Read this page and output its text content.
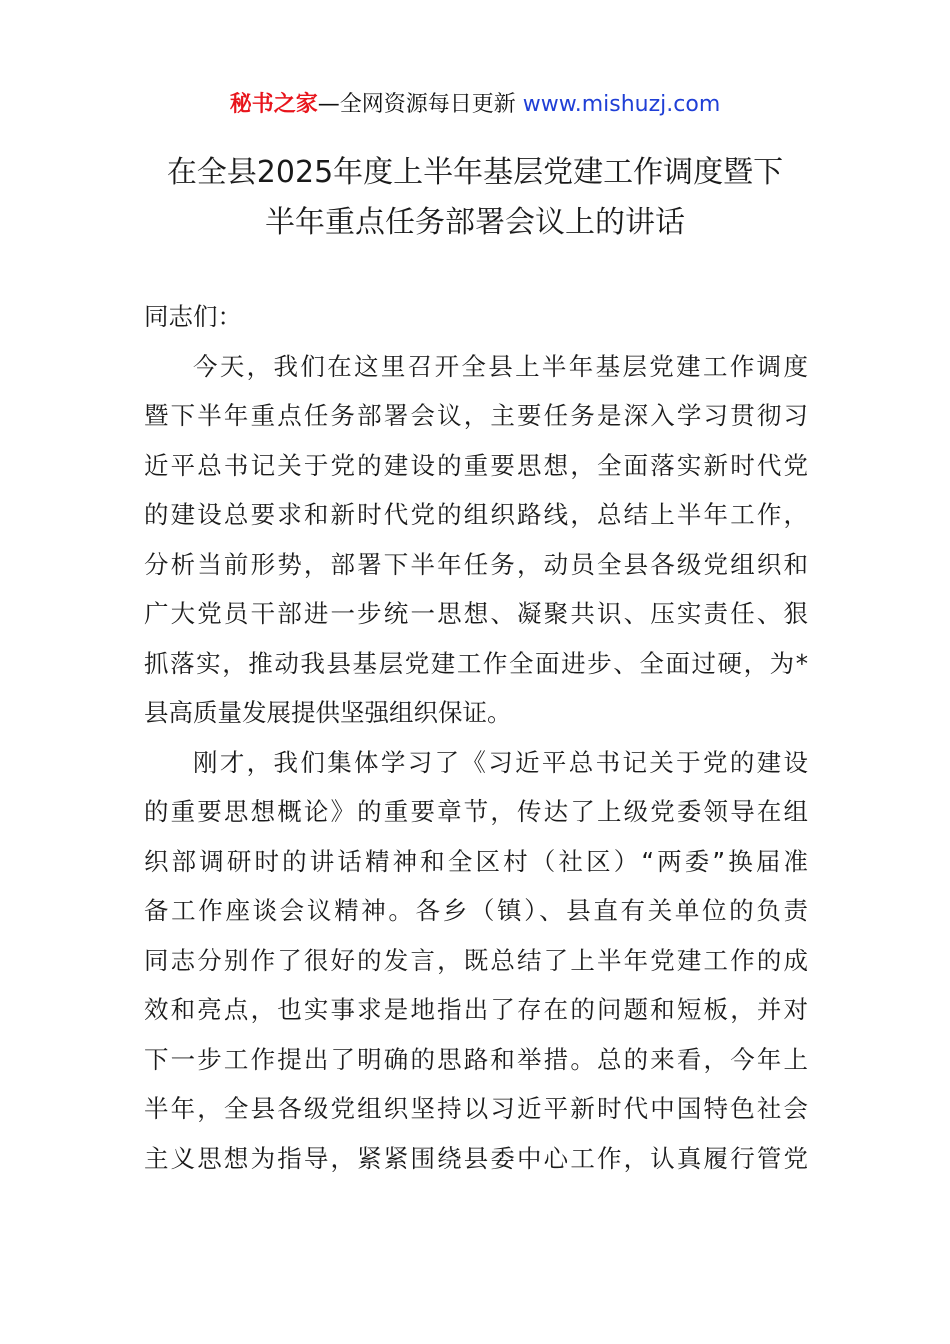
秘书之家—全网资源每日更新 www.mishuzj.com
在全县2025年度上半年基层党建工作调度暨下
半年重点任务部署会议上的讲话
同志们：
今天，我们在这里召开全县上半年基层党建工作调度
暨下半年重点任务部署会议，主要任务是深入学习贯彻习
近平总书记关于党的建设的重要思想，全面落实新时代党
的建设总要求和新时代党的组织路线，总结上半年工作，
分析当前形势，部署下半年任务，动员全县各级党组织和
广大党员干部进一步统一思想、凝聚共识、压实责任、狠
抓落实，推动我县基层党建工作全面进步、全面过硬，为*
县高质量发展提供坚强组织保证。
刚才，我们集体学习了《习近平总书记关于党的建设
的重要思想概论》的重要章节，传达了上级党委领导在组
织部调研时的讲话精神和全区村（社区）“两委”换届准
备工作座谈会议精神。各乡（镇）、县直有关单位的负责
同志分别作了很好的发言，既总结了上半年党建工作的成
效和亮点，也实事求是地指出了存在的问题和短板，并对
下一步工作提出了明确的思路和举措。总的来看，今年上
半年，全县各级党组织坚持以习近平新时代中国特色社会
主义思想为指导，紧紧围绕县委中心工作，认真履行管党
